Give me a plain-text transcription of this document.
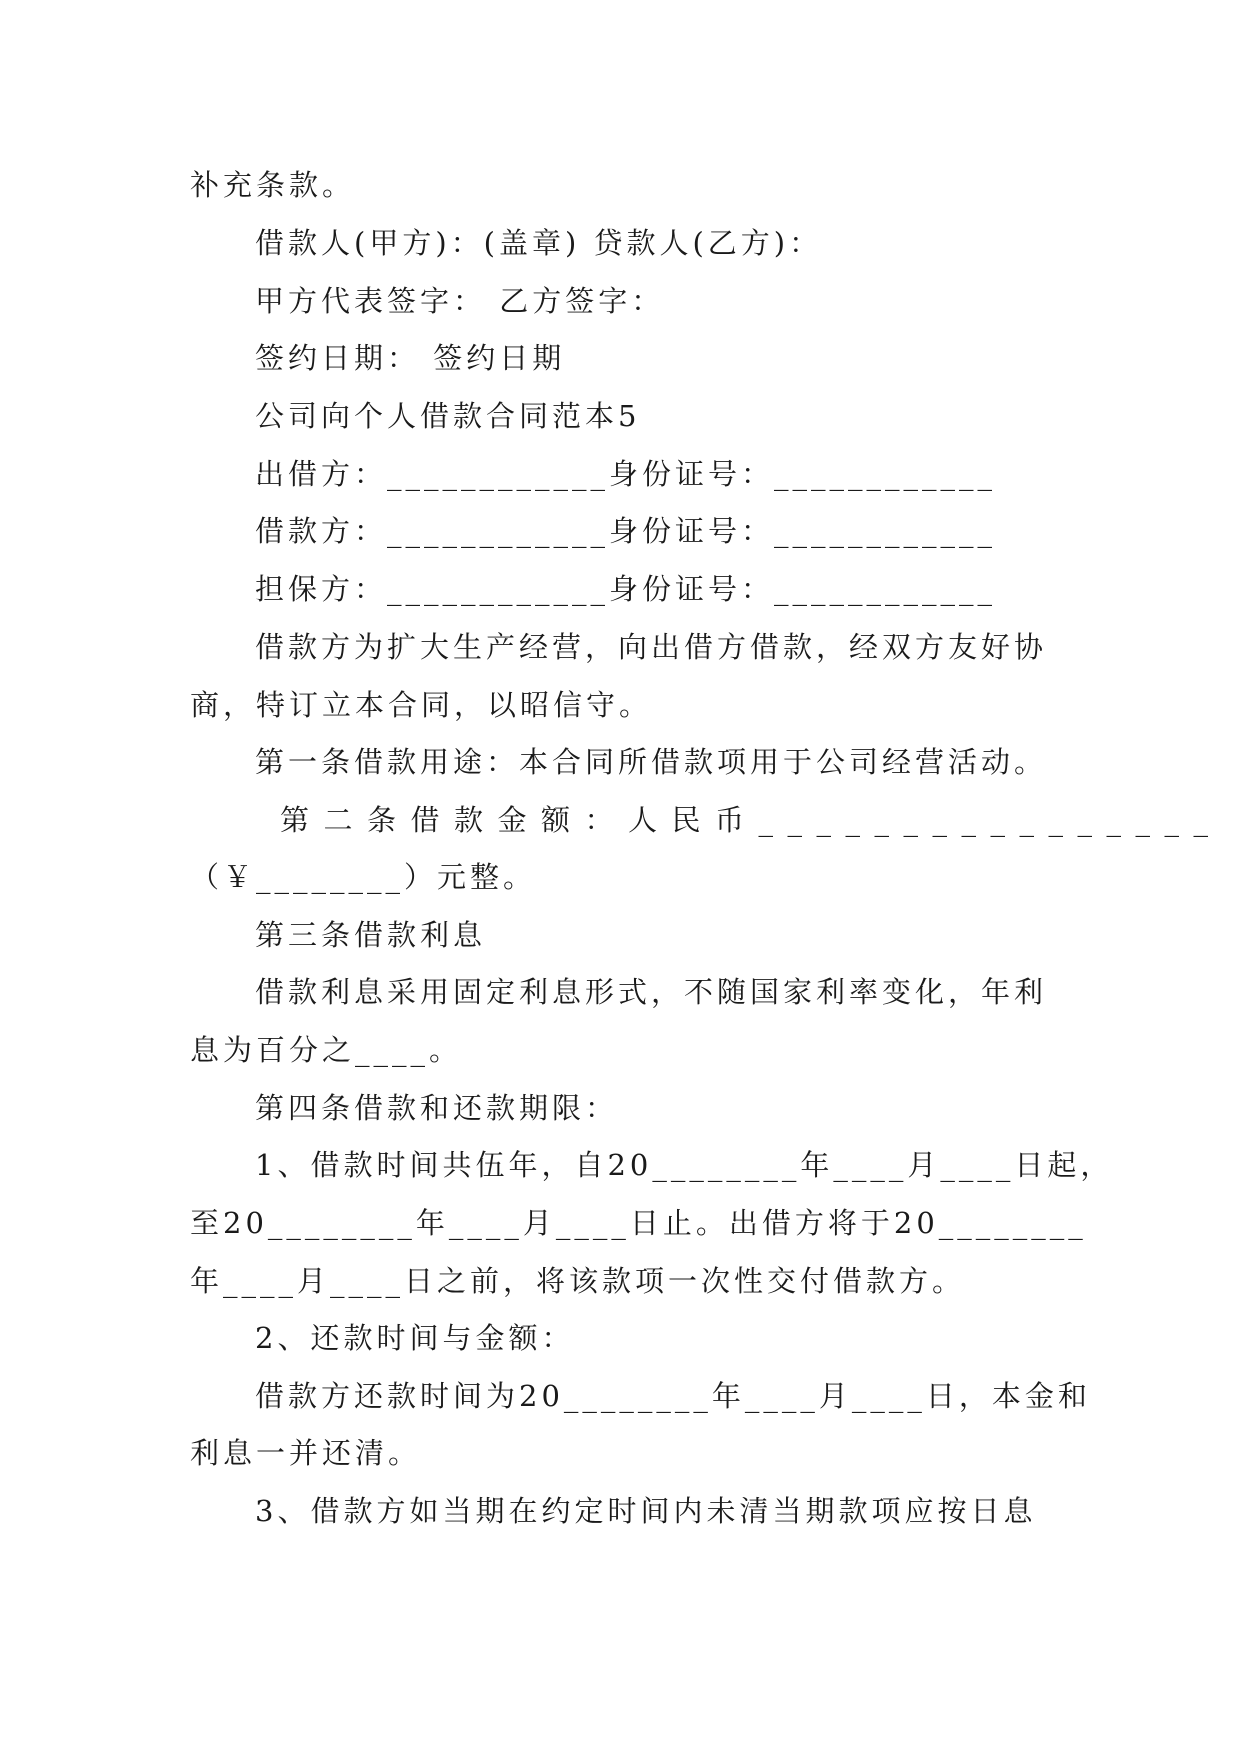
补充条款。
借款人(甲方)：(盖章) 贷款人(乙方)：
甲方代表签字： 乙方签字：
签约日期： 签约日期
公司向个人借款合同范本5
出借方：____________身份证号：____________
借款方：____________身份证号：____________
担保方：____________身份证号：____________
借款方为扩大生产经营，向出借方借款，经双方友好协
商，特订立本合同，以昭信守。
第一条借款用途：本合同所借款项用于公司经营活动。
第二条借款金额：人民币________________
（￥________）元整。
第三条借款利息
借款利息采用固定利息形式，不随国家利率变化，年利
息为百分之____。
第四条借款和还款期限：
1、借款时间共伍年，自20________年____月____日起，
至20________年____月____日止。出借方将于20________
年____月____日之前，将该款项一次性交付借款方。
2、还款时间与金额：
借款方还款时间为20________年____月____日，本金和
利息一并还清。
3、借款方如当期在约定时间内未清当期款项应按日息
